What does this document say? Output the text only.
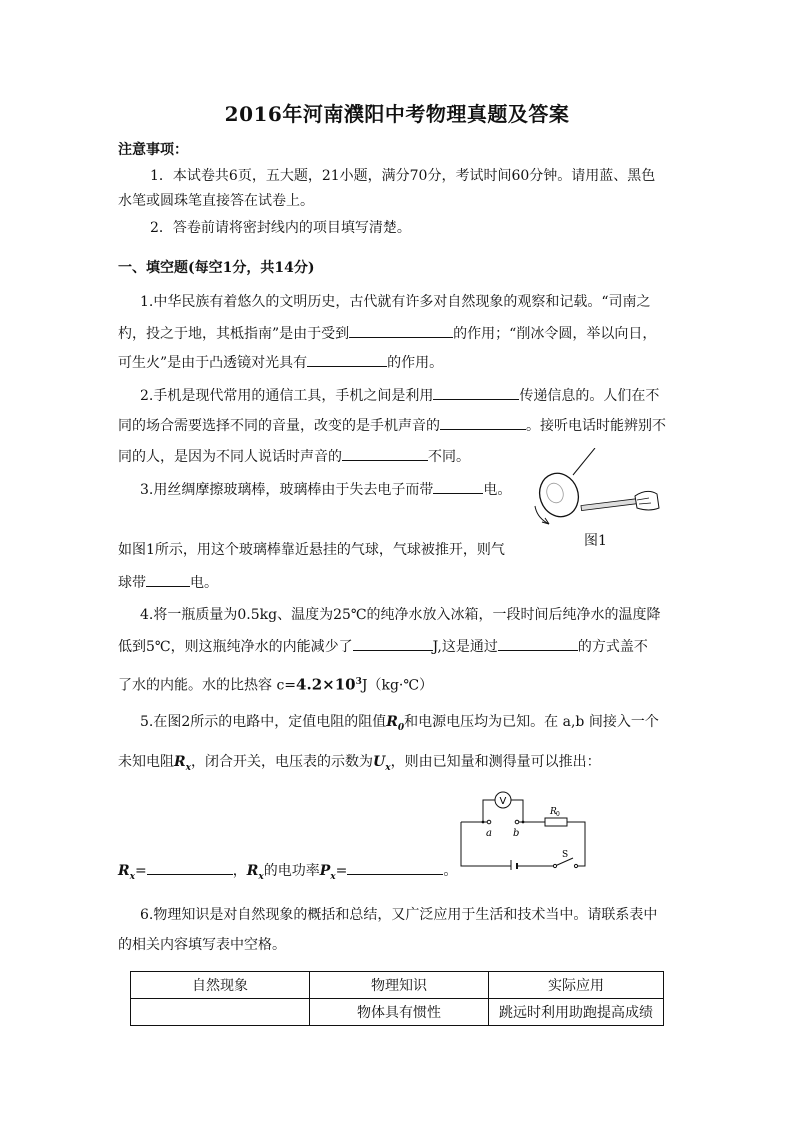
2016年河南濮阳中考物理真题及答案
注意事项：
1．本试卷共6页，五大题，21小题，满分70分，考试时间60分钟。请用蓝、黑色
水笔或圆珠笔直接答在试卷上。
2．答卷前请将密封线内的项目填写清楚。
一、填空题(每空1分，共14分)
1.中华民族有着悠久的文明历史，古代就有许多对自然现象的观察和记载。“司南之
杓，投之于地，其柢指南”是由于受到	的作用；“削冰令圆，举以向日，
可生火”是由于凸透镜对光具有	的作用。
2.手机是现代常用的通信工具，手机之间是利用	传递信息的。人们在不
同的场合需要选择不同的音量，改变的是手机声音的	。接听电话时能辨别不
同的人，是因为不同人说话时声音的	不同。
3.用丝绸摩擦玻璃棒，玻璃棒由于失去电子而带	电。
如图1所示，用这个玻璃棒靠近悬挂的气球，气球被推开，则气
球带	电。
图1
4.将一瓶质量为0.5kg、温度为25℃的纯净水放入冰箱，一段时间后纯净水的温度降
低到5℃，则这瓶纯净水的内能减少了	J,这是通过	的方式盖不
了水的内能。水的比热容 $c=4.2\times 10^3J(kg\cdot℃)$
5.在图2所示的电路中，定值电阻的阻值$R_0$和电源电压均为已知。在 a,b 间接入一个
未知电阻$R_x$，闭合开关，电压表的示数为$U_x$，则由已知量和测得量可以推出：
$R_x=$	，$R_x$的电功率$P_x=$	。
V
a b
R 0
S
6.物理知识是对自然现象的概括和总结，又广泛应用于生活和技术当中。请联系表中
的相关内容填写表中空格。
自然现象	物理知识	实际应用
	物体具有惯性	跳远时利用助跑提高成绩
